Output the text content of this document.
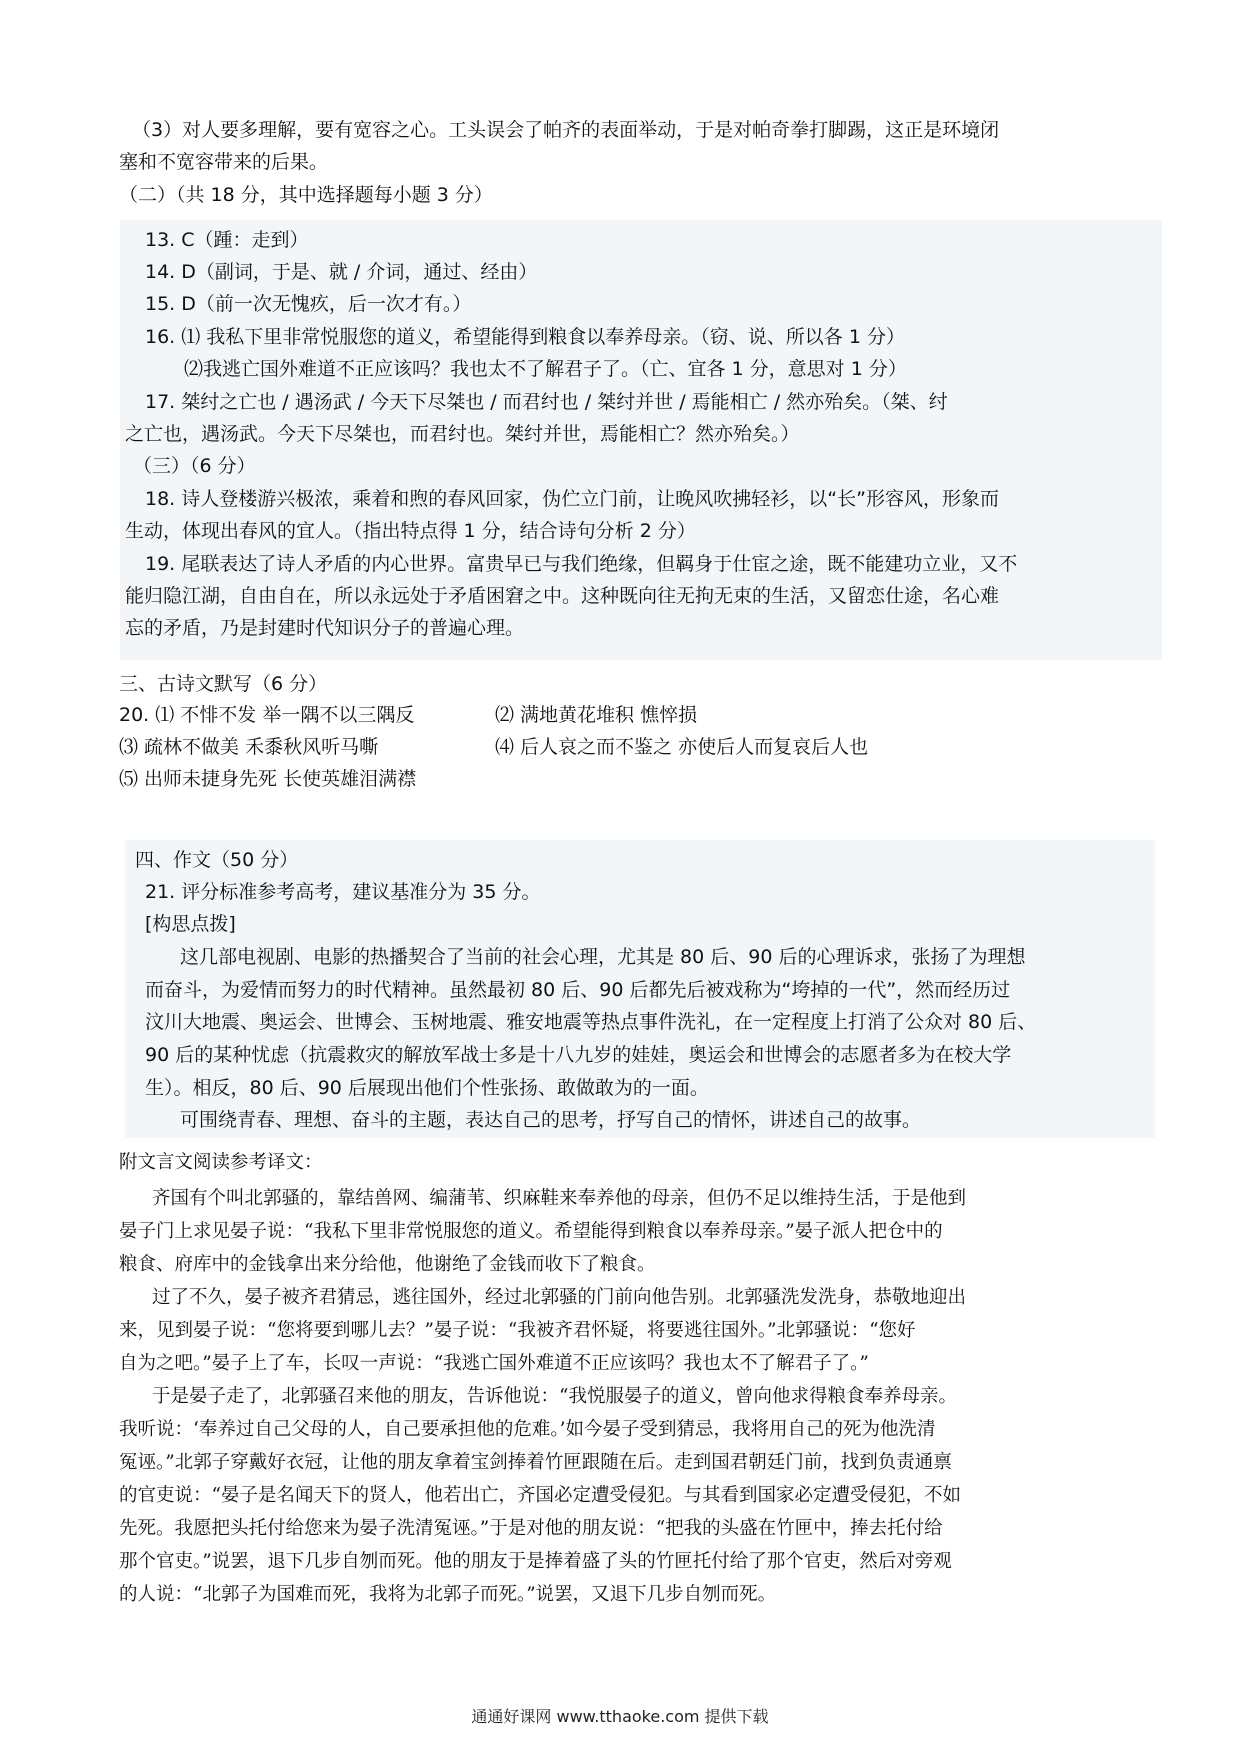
（3）对人要多理解，要有宽容之心。工头误会了帕齐的表面举动，于是对帕奇拳打脚踢，这正是环境闭
塞和不宽容带来的后果。
（二）（共 18 分，其中选择题每小题 3 分）
13. C（踵：走到）
14. D（副词，于是、就 / 介词，通过、经由）
15. D（前一次无愧疚，后一次才有。）
16. ⑴ 我私下里非常悦服您的道义，希望能得到粮食以奉养母亲。（窃、说、所以各 1 分）
⑵我逃亡国外难道不正应该吗？我也太不了解君子了。（亡、宜各 1 分，意思对 1 分）
17. 桀纣之亡也 / 遇汤武 / 今天下尽桀也 / 而君纣也 / 桀纣并世 / 焉能相亡 / 然亦殆矣。（桀、纣
之亡也，遇汤武。今天下尽桀也，而君纣也。桀纣并世，焉能相亡？然亦殆矣。）
（三）（6 分）
18. 诗人登楼游兴极浓，乘着和煦的春风回家，伪伫立门前，让晚风吹拂轻衫，以“长”形容风，形象而
生动，体现出春风的宜人。（指出特点得 1 分，结合诗句分析 2 分）
19. 尾联表达了诗人矛盾的内心世界。富贵早已与我们绝缘，但羁身于仕宦之途，既不能建功立业，又不
能归隐江湖，自由自在，所以永远处于矛盾困窘之中。这种既向往无拘无束的生活，又留恋仕途，名心难
忘的矛盾，乃是封建时代知识分子的普遍心理。
三、古诗文默写（6 分）
20. ⑴ 不悱不发 举一隅不以三隅反	⑵ 满地黄花堆积 憔悴损
⑶ 疏林不做美 禾黍秋风听马嘶	⑷ 后人哀之而不鉴之 亦使后人而复哀后人也
⑸ 出师未捷身先死 长使英雄泪满襟
四、作文（50 分）
21. 评分标准参考高考，建议基准分为 35 分。
[构思点拨]
这几部电视剧、电影的热播契合了当前的社会心理，尤其是 80 后、90 后的心理诉求，张扬了为理想
而奋斗，为爱情而努力的时代精神。虽然最初 80 后、90 后都先后被戏称为“垮掉的一代”，然而经历过
汶川大地震、奥运会、世博会、玉树地震、雅安地震等热点事件洗礼，在一定程度上打消了公众对 80 后、
90 后的某种忧虑（抗震救灾的解放军战士多是十八九岁的娃娃，奥运会和世博会的志愿者多为在校大学
生）。相反，80 后、90 后展现出他们个性张扬、敢做敢为的一面。
可围绕青春、理想、奋斗的主题，表达自己的思考，抒写自己的情怀，讲述自己的故事。
附文言文阅读参考译文：
齐国有个叫北郭骚的，靠结兽网、编蒲苇、织麻鞋来奉养他的母亲，但仍不足以维持生活，于是他到
晏子门上求见晏子说：“我私下里非常悦服您的道义。希望能得到粮食以奉养母亲。”晏子派人把仓中的
粮食、府库中的金钱拿出来分给他，他谢绝了金钱而收下了粮食。
过了不久，晏子被齐君猜忌，逃往国外，经过北郭骚的门前向他告别。北郭骚洗发洗身，恭敬地迎出
来，见到晏子说：“您将要到哪儿去？”晏子说：“我被齐君怀疑，将要逃往国外。”北郭骚说：“您好
自为之吧。”晏子上了车，长叹一声说：“我逃亡国外难道不正应该吗？我也太不了解君子了。”
于是晏子走了，北郭骚召来他的朋友，告诉他说：“我悦服晏子的道义，曾向他求得粮食奉养母亲。
我听说：‘奉养过自己父母的人，自己要承担他的危难。’如今晏子受到猜忌，我将用自己的死为他洗清
冤诬。”北郭子穿戴好衣冠，让他的朋友拿着宝剑捧着竹匣跟随在后。走到国君朝廷门前，找到负责通禀
的官吏说：“晏子是名闻天下的贤人，他若出亡，齐国必定遭受侵犯。与其看到国家必定遭受侵犯，不如
先死。我愿把头托付给您来为晏子洗清冤诬。”于是对他的朋友说：“把我的头盛在竹匣中，捧去托付给
那个官吏。”说罢，退下几步自刎而死。他的朋友于是捧着盛了头的竹匣托付给了那个官吏，然后对旁观
的人说：“北郭子为国难而死，我将为北郭子而死。”说罢，又退下几步自刎而死。
通通好课网 www.tthaoke.com 提供下载
